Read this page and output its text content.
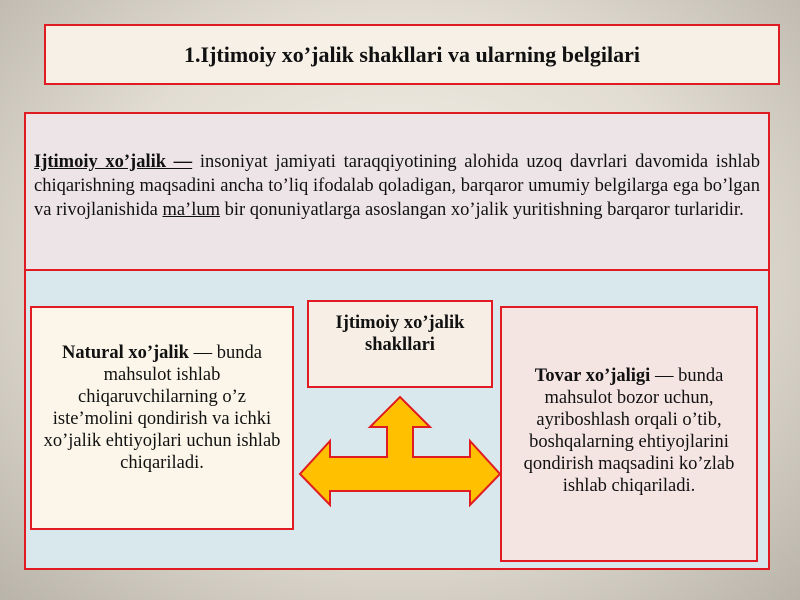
1.Ijtimoiy xo’jalik shakllari va ularning belgilari

Ijtimoiy xo’jalik — insoniyat jamiyati taraqqiyotining alohida uzoq davrlari davomida ishlab chiqarishning maqsadini ancha to’liq ifodalab qoladigan, barqaror umumiy belgilarga ega bo’lgan va rivojlanishida ma’lum bir qonuniyatlarga asoslangan xo’jalik yuritishning barqaror turlaridir.

Natural xo’jalik — bunda mahsulot ishlab chiqaruvchilarning o’z iste’molini qondirish va ichki xo’jalik ehtiyojlari uchun ishlab chiqariladi.
Ijtimoiy xo’jalik shakllari
Tovar xo’jaligi — bunda mahsulot bozor uchun, ayriboshlash orqali o’tib, boshqalarning ehtiyojlarini qondirish maqsadini ko’zlab ishlab chiqariladi.
